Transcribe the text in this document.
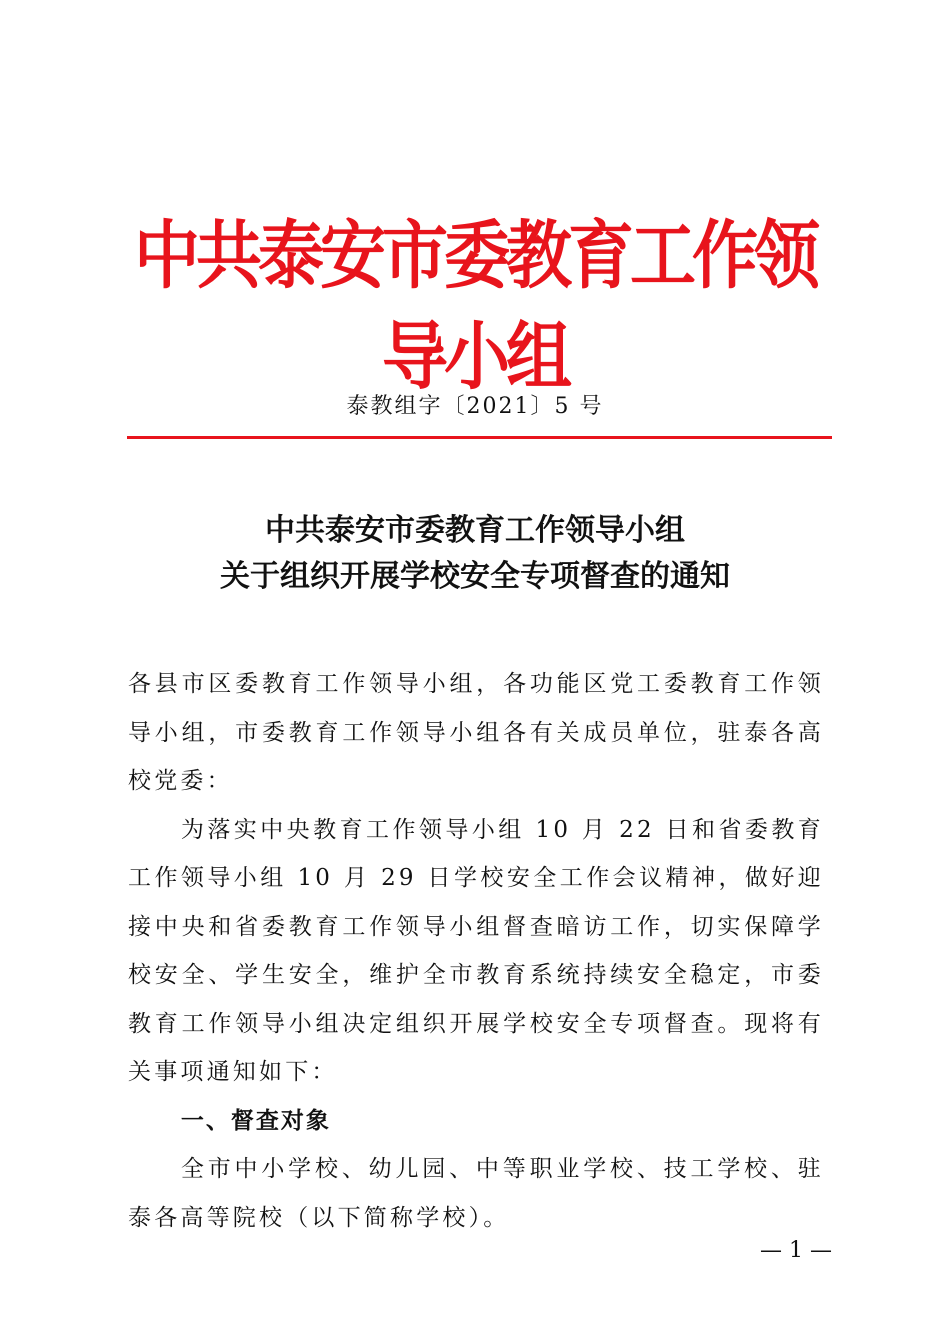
中共泰安市委教育工作领导小组
泰教组字〔2021〕5 号
中共泰安市委教育工作领导小组
关于组织开展学校安全专项督查的通知

各县市区委教育工作领导小组，各功能区党工委教育工作领导小组，市委教育工作领导小组各有关成员单位，驻泰各高校党委：

为落实中央教育工作领导小组 10 月 22 日和省委教育工作领导小组 10 月 29 日学校安全工作会议精神，做好迎接中央和省委教育工作领导小组督查暗访工作，切实保障学校安全、学生安全，维护全市教育系统持续安全稳定，市委教育工作领导小组决定组织开展学校安全专项督查。现将有关事项通知如下：

一、督查对象

全市中小学校、幼儿园、中等职业学校、技工学校、驻泰各高等院校（以下简称学校）。

— 1 —
